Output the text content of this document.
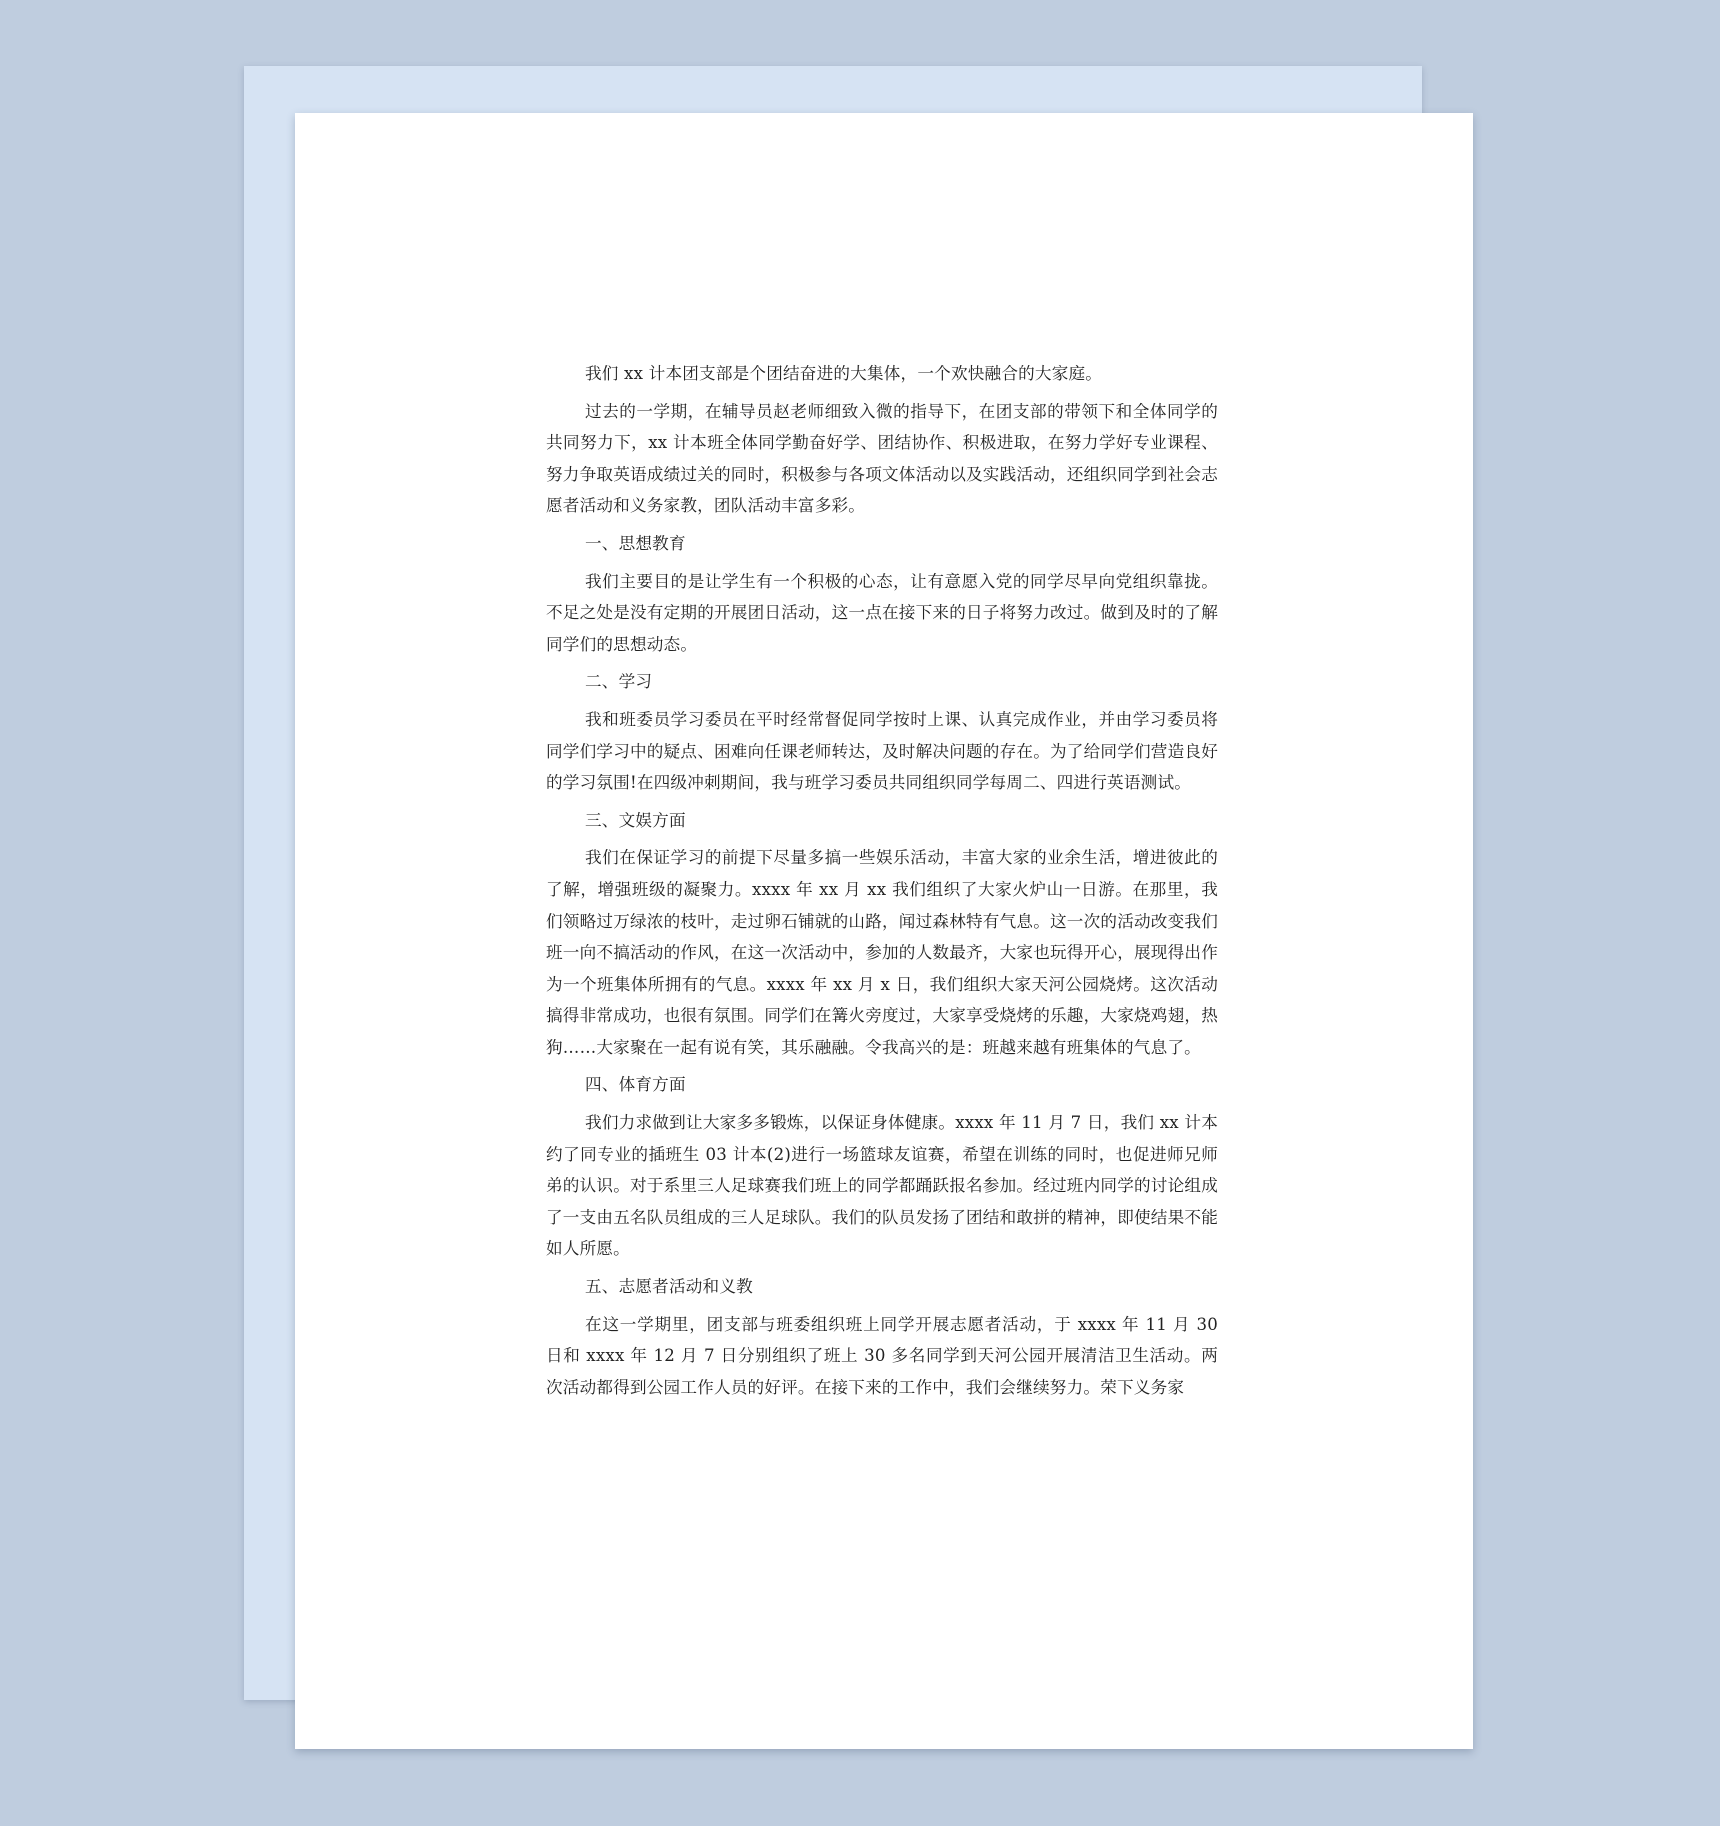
我们 xx 计本团支部是个团结奋进的大集体，一个欢快融合的大家庭。

过去的一学期，在辅导员赵老师细致入微的指导下，在团支部的带领下和全体同学的共同努力下，xx 计本班全体同学勤奋好学、团结协作、积极进取，在努力学好专业课程、努力争取英语成绩过关的同时，积极参与各项文体活动以及实践活动，还组织同学到社会志愿者活动和义务家教，团队活动丰富多彩。

一、思想教育

我们主要目的是让学生有一个积极的心态，让有意愿入党的同学尽早向党组织靠拢。不足之处是没有定期的开展团日活动，这一点在接下来的日子将努力改过。做到及时的了解同学们的思想动态。

二、学习

我和班委员学习委员在平时经常督促同学按时上课、认真完成作业，并由学习委员将同学们学习中的疑点、困难向任课老师转达，及时解决问题的存在。为了给同学们营造良好的学习氛围!在四级冲刺期间，我与班学习委员共同组织同学每周二、四进行英语测试。

三、文娱方面

我们在保证学习的前提下尽量多搞一些娱乐活动，丰富大家的业余生活，增进彼此的了解，增强班级的凝聚力。xxxx 年 xx 月 xx 我们组织了大家火炉山一日游。在那里，我们领略过万绿浓的枝叶，走过卵石铺就的山路，闻过森林特有气息。这一次的活动改变我们班一向不搞活动的作风，在这一次活动中，参加的人数最齐，大家也玩得开心，展现得出作为一个班集体所拥有的气息。xxxx 年 xx 月 x 日，我们组织大家天河公园烧烤。这次活动搞得非常成功，也很有氛围。同学们在篝火旁度过，大家享受烧烤的乐趣，大家烧鸡翅，热狗……大家聚在一起有说有笑，其乐融融。令我高兴的是：班越来越有班集体的气息了。

四、体育方面

我们力求做到让大家多多锻炼，以保证身体健康。xxxx 年 11 月 7 日，我们 xx 计本约了同专业的插班生 03 计本(2)进行一场篮球友谊赛，希望在训练的同时，也促进师兄师弟的认识。对于系里三人足球赛我们班上的同学都踊跃报名参加。经过班内同学的讨论组成了一支由五名队员组成的三人足球队。我们的队员发扬了团结和敢拼的精神，即使结果不能如人所愿。

五、志愿者活动和义教

在这一学期里，团支部与班委组织班上同学开展志愿者活动，于 xxxx 年 11 月 30 日和 xxxx 年 12 月 7 日分别组织了班上 30 多名同学到天河公园开展清洁卫生活动。两次活动都得到公园工作人员的好评。在接下来的工作中，我们会继续努力。荣下义务家
